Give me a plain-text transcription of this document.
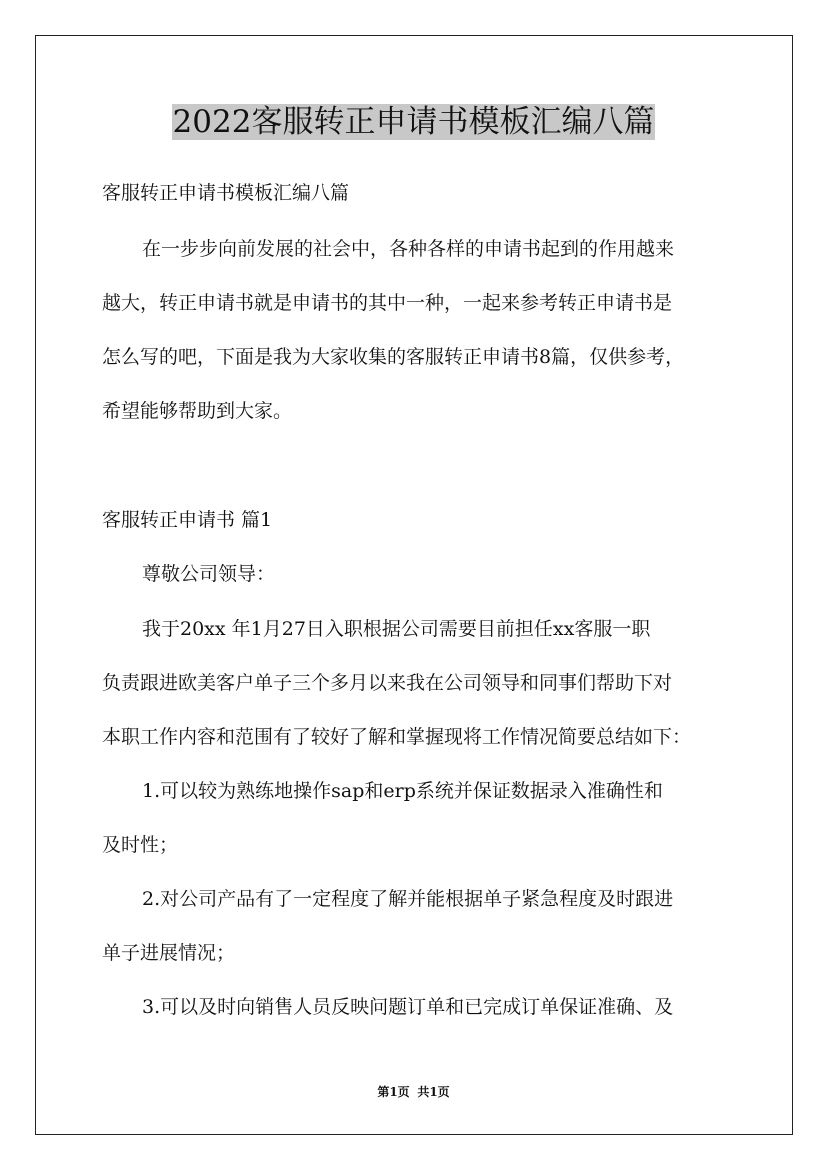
2022客服转正申请书模板汇编八篇
客服转正申请书模板汇编八篇
在一步步向前发展的社会中，各种各样的申请书起到的作用越来
越大，转正申请书就是申请书的其中一种，一起来参考转正申请书是
怎么写的吧，下面是我为大家收集的客服转正申请书8篇，仅供参考，
希望能够帮助到大家。
客服转正申请书 篇1
尊敬公司领导：
我于20xx 年1月27日入职根据公司需要目前担任xx客服一职
负责跟进欧美客户单子三个多月以来我在公司领导和同事们帮助下对
本职工作内容和范围有了较好了解和掌握现将工作情况简要总结如下：
1.可以较为熟练地操作sap和erp系统并保证数据录入准确性和
及时性；
2.对公司产品有了一定程度了解并能根据单子紧急程度及时跟进
单子进展情况；
3.可以及时向销售人员反映问题订单和已完成订单保证准确、及
第1页 共1页
